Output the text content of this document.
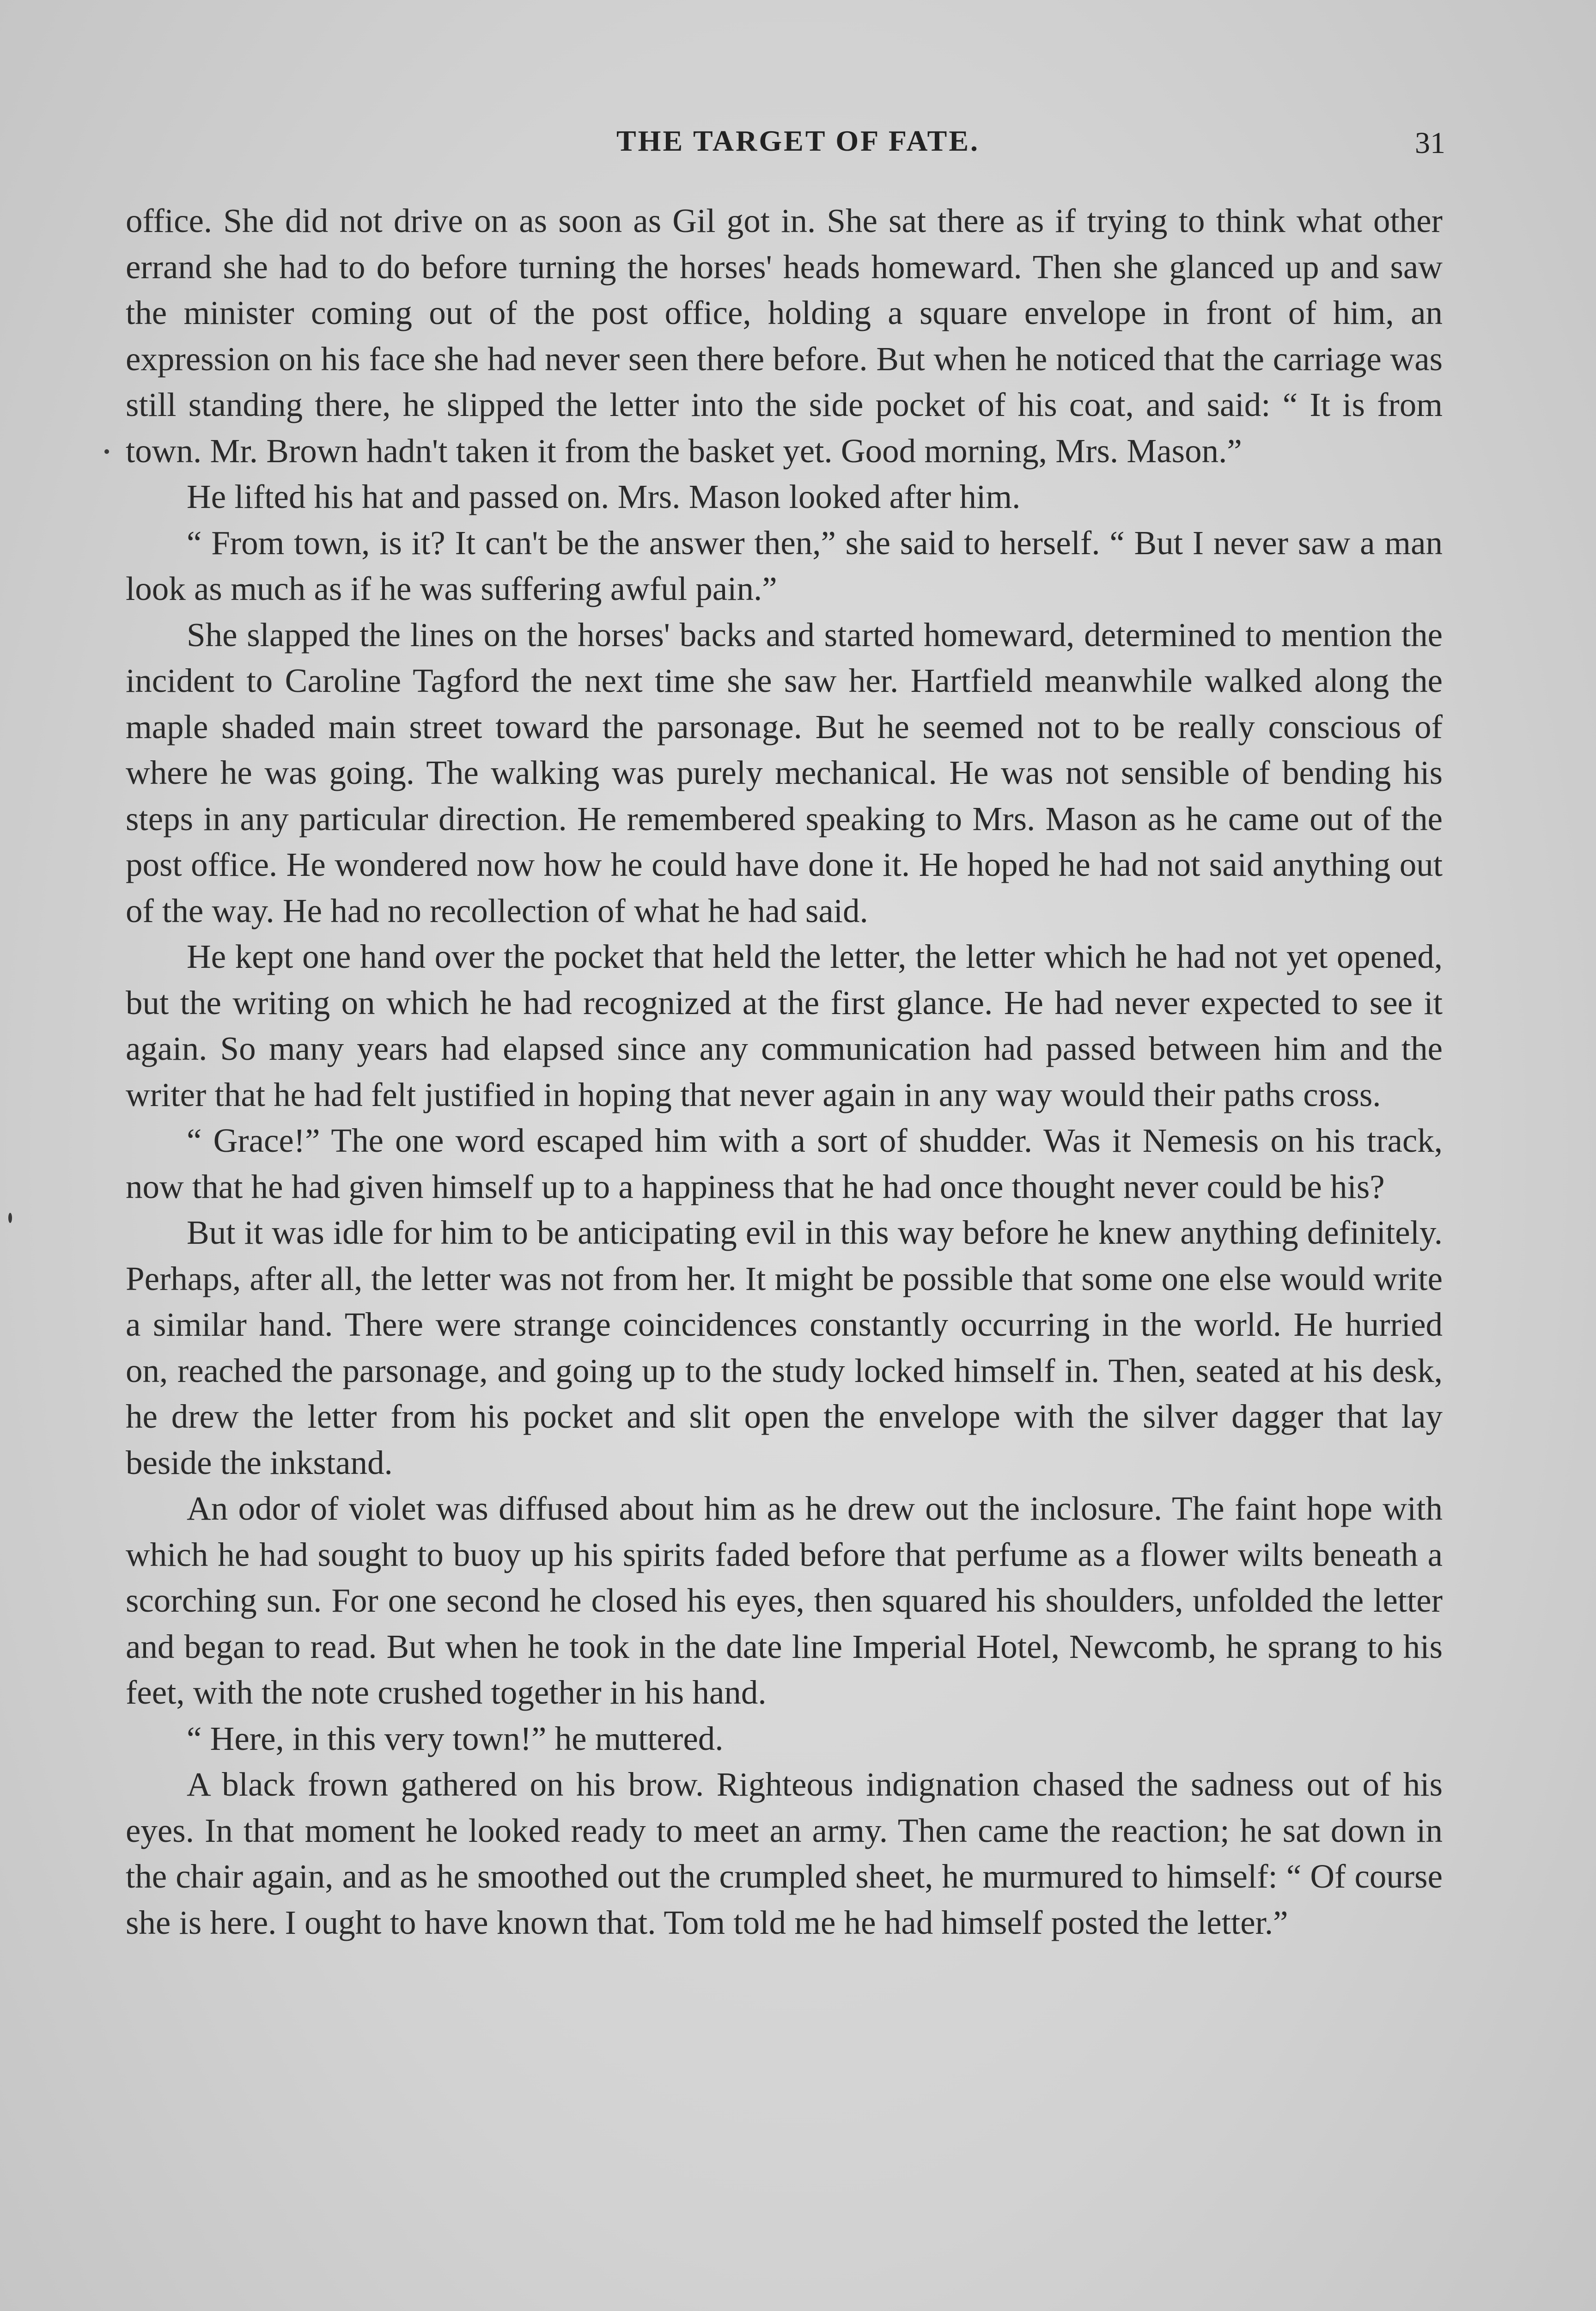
THE TARGET OF FATE.	31

office. She did not drive on as soon as Gil got in. She sat there as if trying to think what other errand she had to do before turning the horses' heads homeward. Then she glanced up and saw the minister coming out of the post office, holding a square envelope in front of him, an expression on his face she had never seen there before. But when he noticed that the carriage was still standing there, he slipped the letter into the side pocket of his coat, and said: “ It is from town. Mr. Brown hadn't taken it from the basket yet. Good morning, Mrs. Mason.”

He lifted his hat and passed on. Mrs. Mason looked after him.

“ From town, is it? It can't be the answer then,” she said to herself. “ But I never saw a man look as much as if he was suffering awful pain.”

She slapped the lines on the horses' backs and started homeward, determined to mention the incident to Caroline Tagford the next time she saw her. Hartfield meanwhile walked along the maple shaded main street toward the parsonage. But he seemed not to be really conscious of where he was going. The walking was purely mechanical. He was not sensible of bending his steps in any particular direction. He remembered speaking to Mrs. Mason as he came out of the post office. He wondered now how he could have done it. He hoped he had not said anything out of the way. He had no recollection of what he had said.

He kept one hand over the pocket that held the letter, the letter which he had not yet opened, but the writing on which he had recognized at the first glance. He had never expected to see it again. So many years had elapsed since any communication had passed between him and the writer that he had felt justified in hoping that never again in any way would their paths cross.

“ Grace!” The one word escaped him with a sort of shudder. Was it Nemesis on his track, now that he had given himself up to a happiness that he had once thought never could be his?

But it was idle for him to be anticipating evil in this way before he knew anything definitely. Perhaps, after all, the letter was not from her. It might be possible that some one else would write a similar hand. There were strange coincidences constantly occurring in the world. He hurried on, reached the parsonage, and going up to the study locked himself in. Then, seated at his desk, he drew the letter from his pocket and slit open the envelope with the silver dagger that lay beside the inkstand.

An odor of violet was diffused about him as he drew out the inclosure. The faint hope with which he had sought to buoy up his spirits faded before that perfume as a flower wilts beneath a scorching sun. For one second he closed his eyes, then squared his shoulders, unfolded the letter and began to read. But when he took in the date line Imperial Hotel, Newcomb, he sprang to his feet, with the note crushed together in his hand.

“ Here, in this very town!” he muttered.

A black frown gathered on his brow. Righteous indignation chased the sadness out of his eyes. In that moment he looked ready to meet an army. Then came the reaction; he sat down in the chair again, and as he smoothed out the crumpled sheet, he murmured to himself: “ Of course she is here. I ought to have known that. Tom told me he had himself posted the letter.”
